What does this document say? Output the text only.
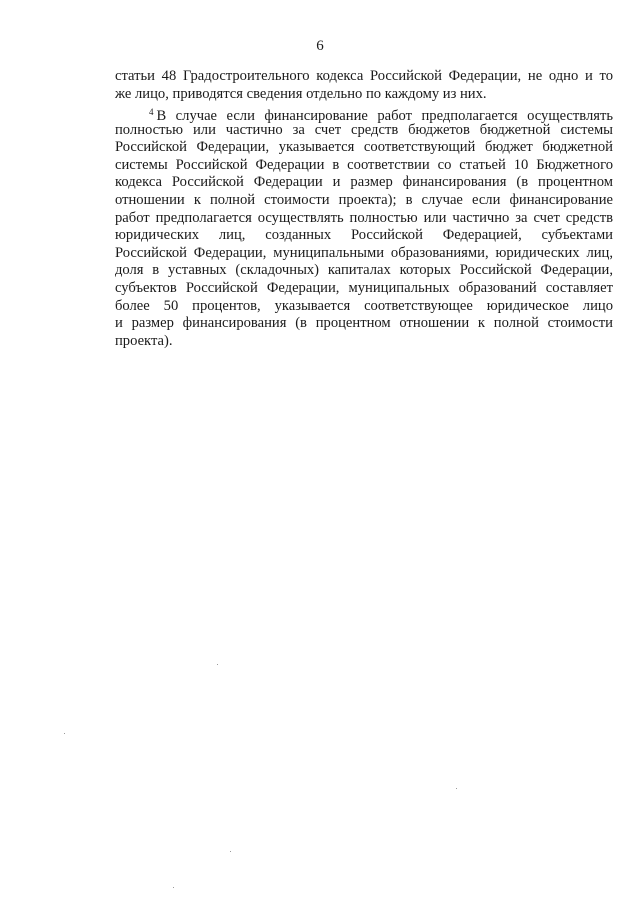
6
статьи 48 Градостроительного кодекса Российской Федерации, не одно и то
же лицо, приводятся сведения отдельно по каждому из них.
$^4$ В случае если финансирование работ предполагается осуществлять
полностью или частично за счет средств бюджетов бюджетной системы
Российской Федерации, указывается соответствующий бюджет бюджетной
системы Российской Федерации в соответствии со статьей 10 Бюджетного
кодекса Российской Федерации и размер финансирования (в процентном
отношении к полной стоимости проекта); в случае если финансирование
работ предполагается осуществлять полностью или частично за счет средств
юридических лиц, созданных Российской Федерацией, субъектами
Российской Федерации, муниципальными образованиями, юридических лиц,
доля в уставных (складочных) капиталах которых Российской Федерации,
субъектов Российской Федерации, муниципальных образований составляет
более 50 процентов, указывается соответствующее юридическое лицо
и размер финансирования (в процентном отношении к полной стоимости
проекта).
